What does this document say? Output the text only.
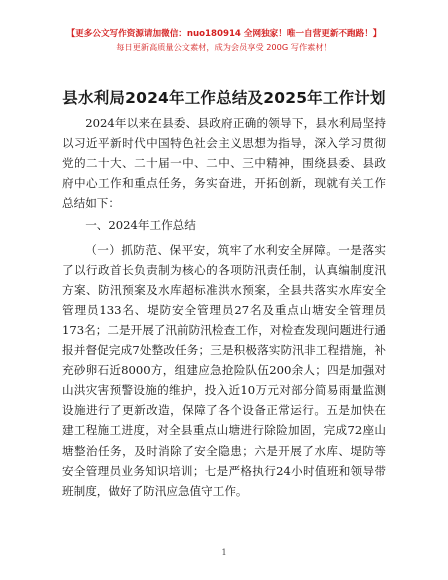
【更多公文写作资源请加微信：nuo180914 全网独家！唯一自营更新不跑路！】
每日更新高质量公文素材，成为会员享受 200G 写作素材！
县水利局2024年工作总结及2025年工作计划

2024年以来在县委、县政府正确的领导下，县水利局坚持以习近平新时代中国特色社会主义思想为指导，深入学习贯彻党的二十大、二十届一中、二中、三中精神，围绕县委、县政府中心工作和重点任务，务实奋进，开拓创新，现就有关工作总结如下：

一、2024年工作总结

（一）抓防范、保平安，筑牢了水利安全屏障。一是落实了以行政首长负责制为核心的各项防汛责任制，认真编制度汛方案、防汛预案及水库超标准洪水预案，全县共落实水库安全管理员133名、堤防安全管理员27名及重点山塘安全管理员173名；二是开展了汛前防汛检查工作，对检查发现问题进行通报并督促完成7处整改任务；三是积极落实防汛非工程措施，补充砂卵石近8000方，组建应急抢险队伍200余人；四是加强对山洪灾害预警设施的维护，投入近10万元对部分简易雨量监测设施进行了更新改造，保障了各个设备正常运行。五是加快在建工程施工进度，对全县重点山塘进行除险加固，完成72座山塘整治任务，及时消除了安全隐患；六是开展了水库、堤防等安全管理员业务知识培训；七是严格执行24小时值班和领导带班制度，做好了防汛应急值守工作。

1
